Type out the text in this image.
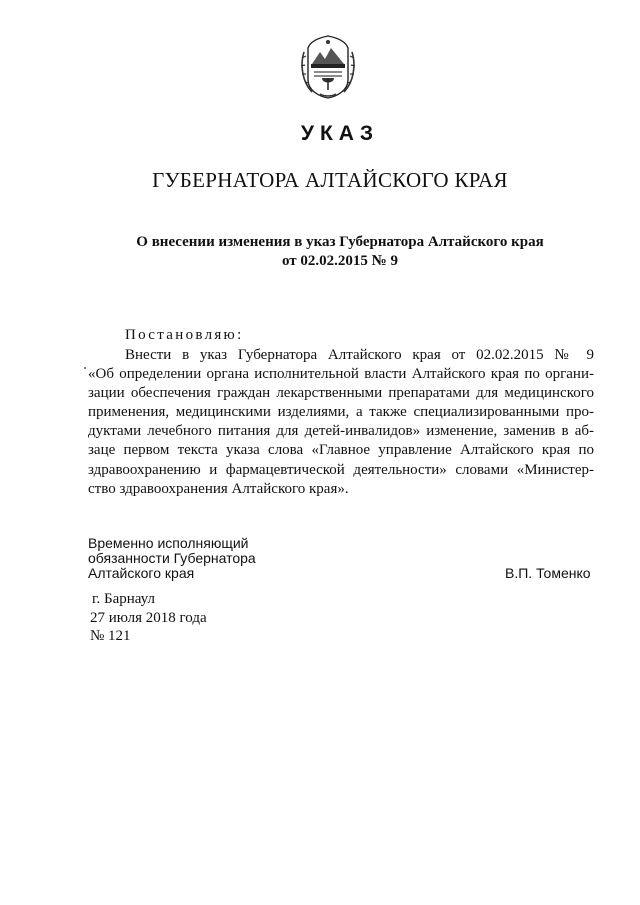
УКАЗ
ГУБЕРНАТОРА АЛТАЙСКОГО КРАЯ
О внесении изменения в указ Губернатора Алтайского края
от 02.02.2015 № 9
Постановляю:
Внести в указ Губернатора Алтайского края от 02.02.2015 № 9
«Об определении органа исполнительной власти Алтайского края по органи-
зации обеспечения граждан лекарственными препаратами для медицинского
применения, медицинскими изделиями, а также специализированными про-
дуктами лечебного питания для детей-инвалидов» изменение, заменив в аб-
заце первом текста указа слова «Главное управление Алтайского края по
здравоохранению и фармацевтической деятельности» словами «Министер-
ство здравоохранения Алтайского края».
Временно исполняющий
обязанности Губернатора
Алтайского края	В.П. Томенко
г. Барнаул
27 июля 2018 года
№ 121
